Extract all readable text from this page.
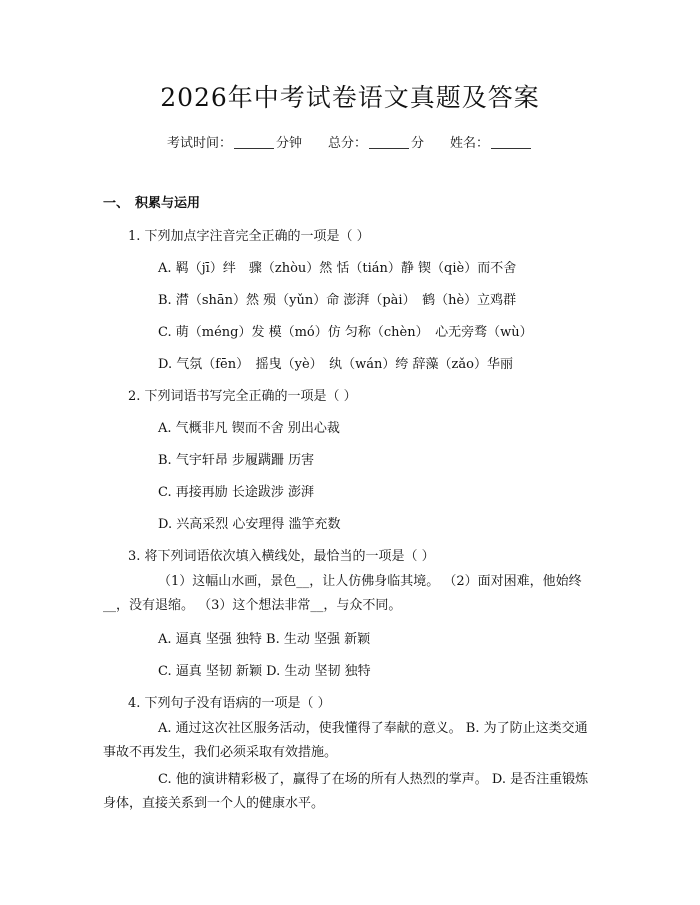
2026年中考试卷语文真题及答案
考试时间：	分钟 总分：	分 姓名：
一、 积累与运用
1. 下列加点字注音完全正确的一项是（ ）
A. 羁（jī）绊　骤（zhòu）然 恬（tián）静 锲（qiè）而不舍
B. 潸（shān）然 殒（yǔn）命 澎湃（pài）　鹤（hè）立鸡群
C. 萌（méng）发 模（mó）仿 匀称（chèn）　心无旁骛（wù）
D. 气氛（fēn）　摇曳（yè）　纨（wán）绔 辞藻（zǎo）华丽
2. 下列词语书写完全正确的一项是（ ）
A. 气概非凡 锲而不舍 别出心裁
B. 气宇轩昂 步履蹒跚 历害
C. 再接再励 长途跋涉 澎湃
D. 兴高采烈 心安理得 滥竽充数
3. 将下列词语依次填入横线处，最恰当的一项是（ ）
（1）这幅山水画，景色__，让人仿佛身临其境。 （2）面对困难，他始终__，没有退缩。 （3）这个想法非常__，与众不同。
A. 逼真 坚强 独特 B. 生动 坚强 新颖
C. 逼真 坚韧 新颖 D. 生动 坚韧 独特
4. 下列句子没有语病的一项是（ ）
A. 通过这次社区服务活动，使我懂得了奉献的意义。 B. 为了防止这类交通事故不再发生，我们必须采取有效措施。
C. 他的演讲精彩极了，赢得了在场的所有人热烈的掌声。 D. 是否注重锻炼身体，直接关系到一个人的健康水平。
